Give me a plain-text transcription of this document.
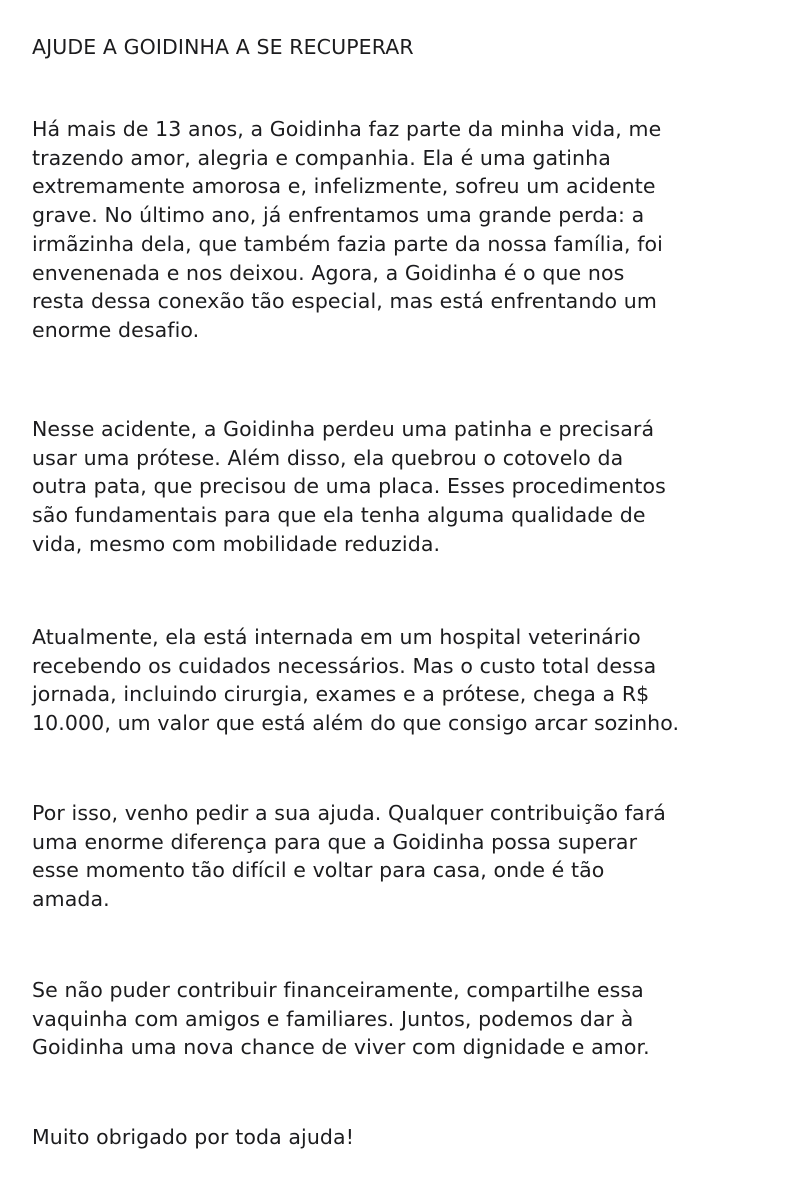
AJUDE A GOIDINHA A SE RECUPERAR
Há mais de 13 anos, a Goidinha faz parte da minha vida, me
trazendo amor, alegria e companhia. Ela é uma gatinha
extremamente amorosa e, infelizmente, sofreu um acidente
grave. No último ano, já enfrentamos uma grande perda: a
irmãzinha dela, que também fazia parte da nossa família, foi
envenenada e nos deixou. Agora, a Goidinha é o que nos
resta dessa conexão tão especial, mas está enfrentando um
enorme desafio.
Nesse acidente, a Goidinha perdeu uma patinha e precisará
usar uma prótese. Além disso, ela quebrou o cotovelo da
outra pata, que precisou de uma placa. Esses procedimentos
são fundamentais para que ela tenha alguma qualidade de
vida, mesmo com mobilidade reduzida.
Atualmente, ela está internada em um hospital veterinário
recebendo os cuidados necessários. Mas o custo total dessa
jornada, incluindo cirurgia, exames e a prótese, chega a R$
10.000, um valor que está além do que consigo arcar sozinho.
Por isso, venho pedir a sua ajuda. Qualquer contribuição fará
uma enorme diferença para que a Goidinha possa superar
esse momento tão difícil e voltar para casa, onde é tão
amada.
Se não puder contribuir financeiramente, compartilhe essa
vaquinha com amigos e familiares. Juntos, podemos dar à
Goidinha uma nova chance de viver com dignidade e amor.
Muito obrigado por toda ajuda!
